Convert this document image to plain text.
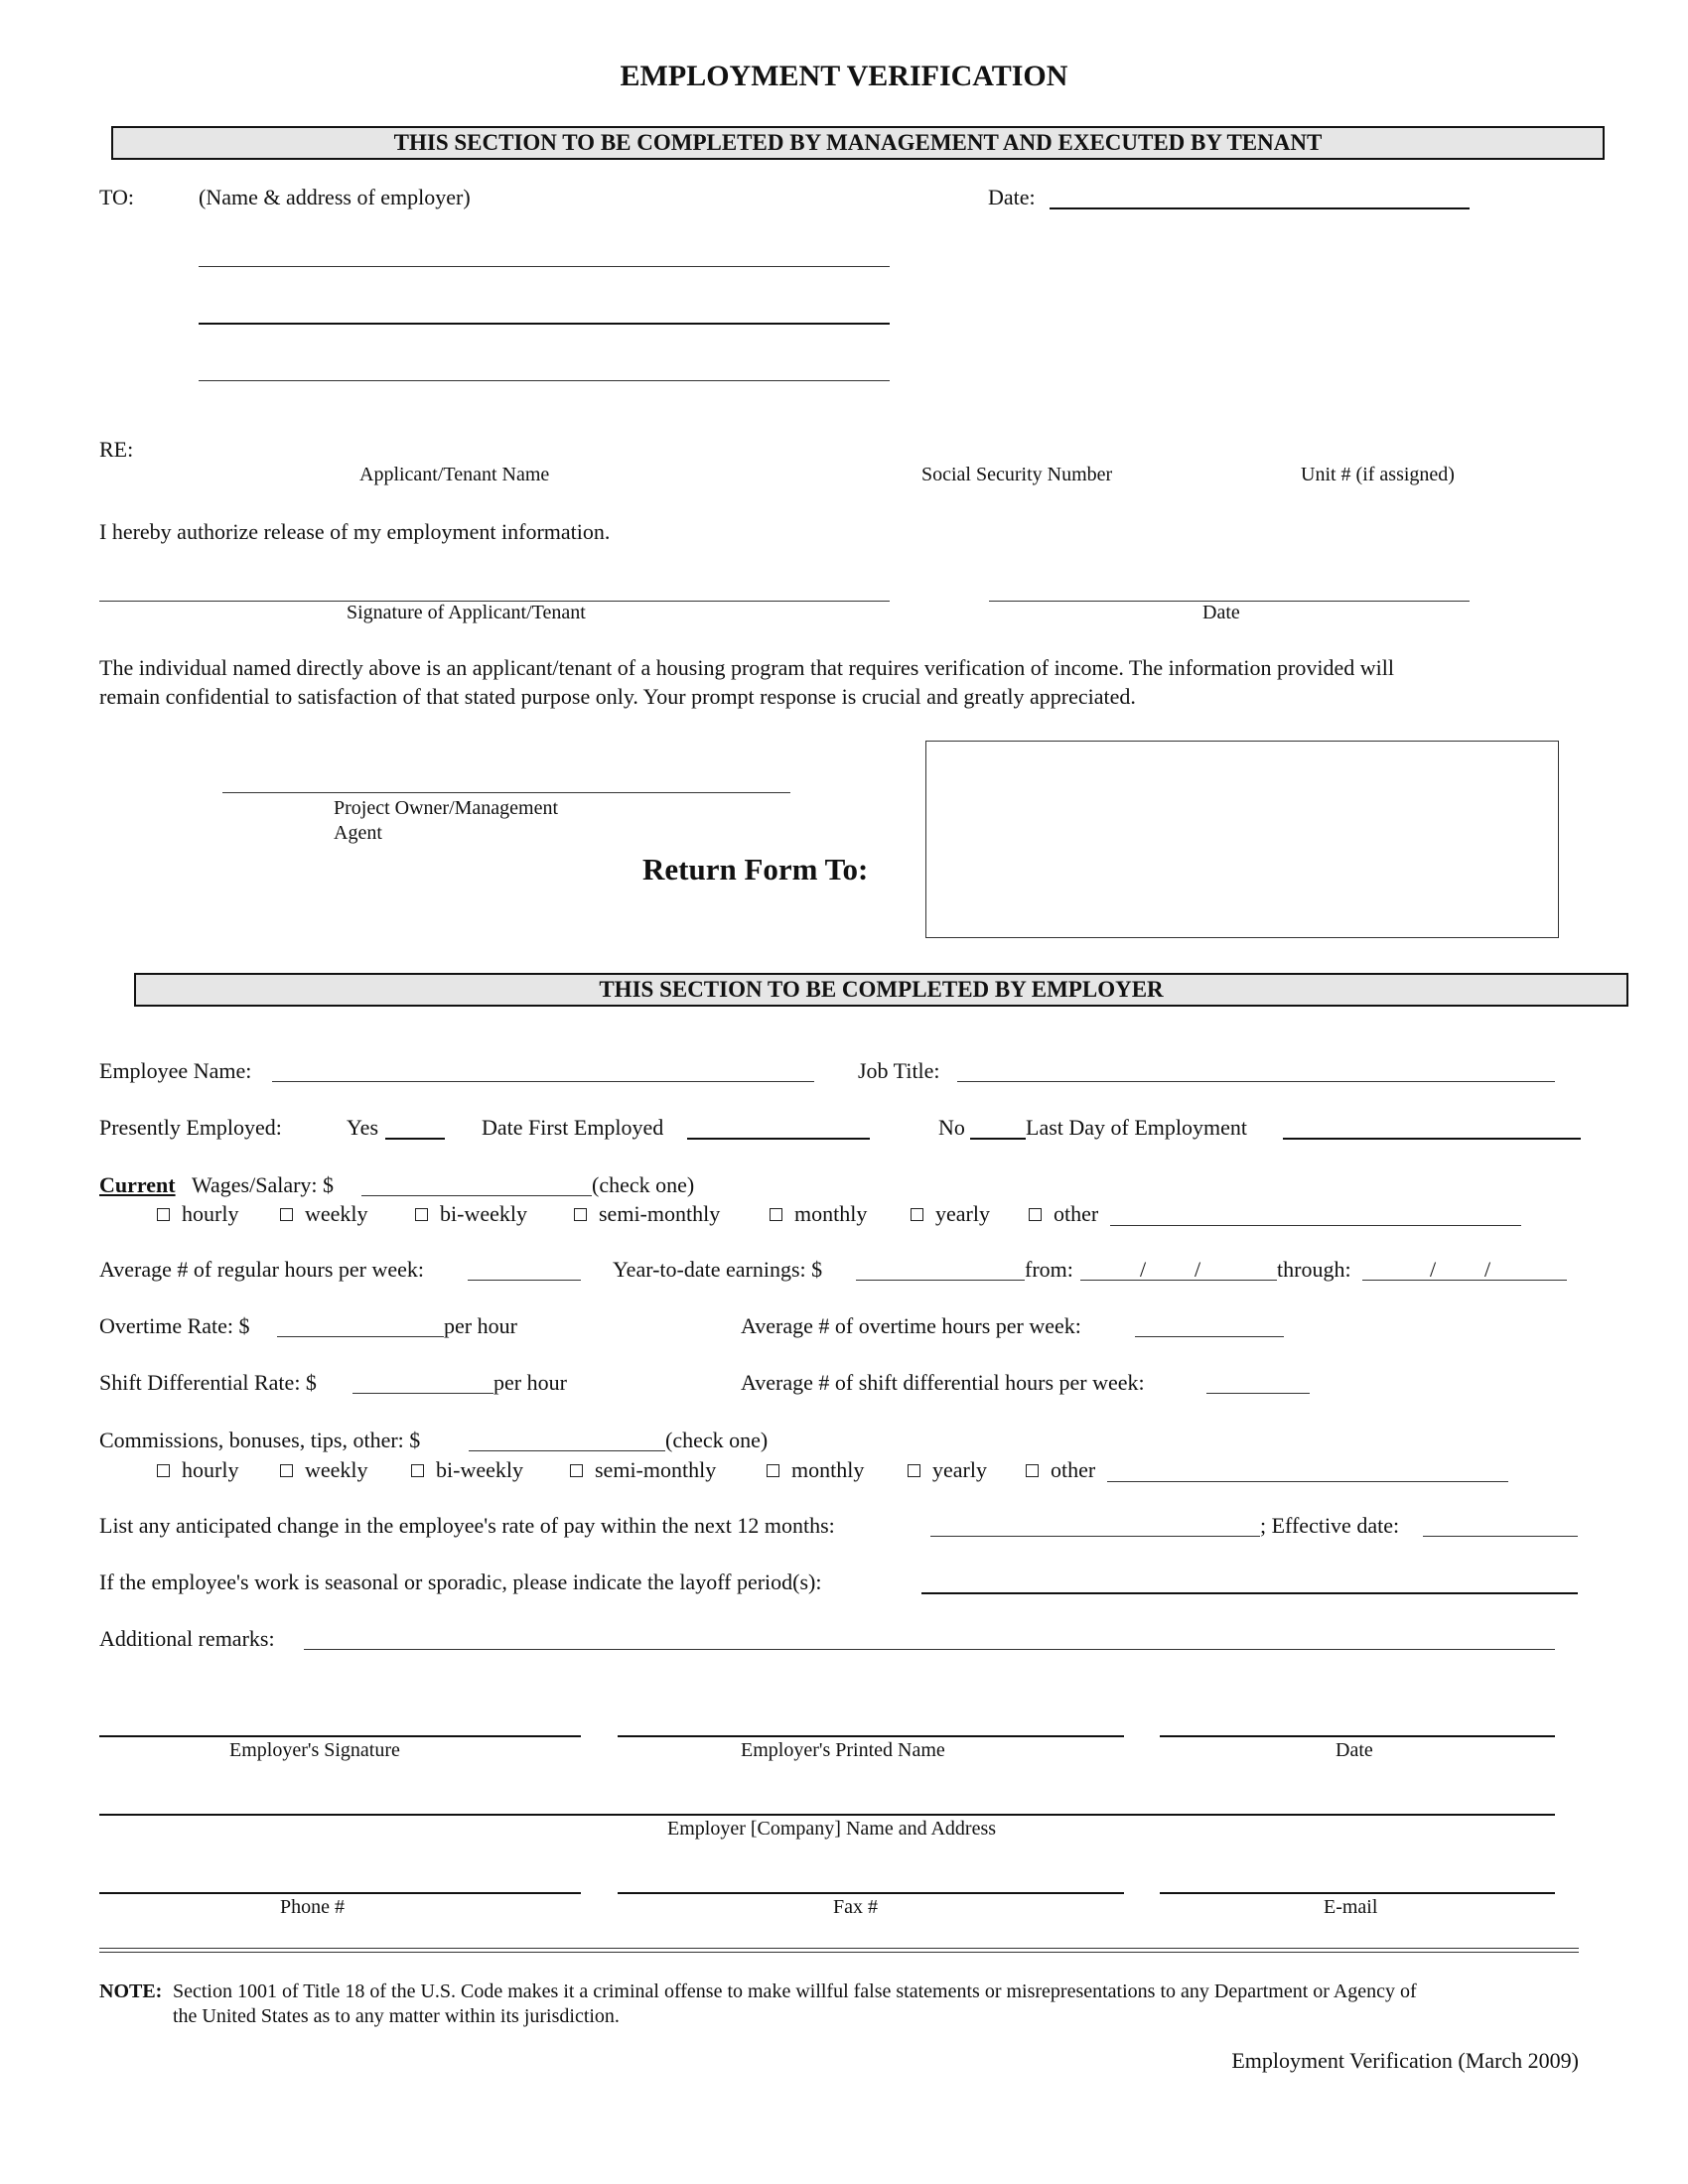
EMPLOYMENT VERIFICATION
THIS SECTION TO BE COMPLETED BY MANAGEMENT AND EXECUTED BY TENANT
TO:	(Name & address of employer)	Date:
RE:
Applicant/Tenant Name	Social Security Number	Unit # (if assigned)
I hereby authorize release of my employment information.
Signature of Applicant/Tenant	Date
The individual named directly above is an applicant/tenant of a housing program that requires verification of income. The information provided will
remain confidential to satisfaction of that stated purpose only. Your prompt response is crucial and greatly appreciated.
Project Owner/Management
Agent
Return Form To:
THIS SECTION TO BE COMPLETED BY EMPLOYER
Employee Name:	Job Title:
Presently Employed:	Yes	Date First Employed	No	Last Day of Employment
Current Wages/Salary: $	(check one)
hourly	weekly	bi-weekly	semi-monthly	monthly	yearly	other
Average # of regular hours per week:	Year-to-date earnings: $	from:	/ /	through:	/ /
Overtime Rate: $	per hour	Average # of overtime hours per week:
Shift Differential Rate: $	per hour	Average # of shift differential hours per week:
Commissions, bonuses, tips, other: $	(check one)
hourly	weekly	bi-weekly	semi-monthly	monthly	yearly	other
List any anticipated change in the employee's rate of pay within the next 12 months:	; Effective date:
If the employee's work is seasonal or sporadic, please indicate the layoff period(s):
Additional remarks:
Employer's Signature	Employer's Printed Name	Date
Employer [Company] Name and Address
Phone #	Fax #	E-mail
NOTE: Section 1001 of Title 18 of the U.S. Code makes it a criminal offense to make willful false statements or misrepresentations to any Department or Agency of
the United States as to any matter within its jurisdiction.
Employment Verification (March 2009)
